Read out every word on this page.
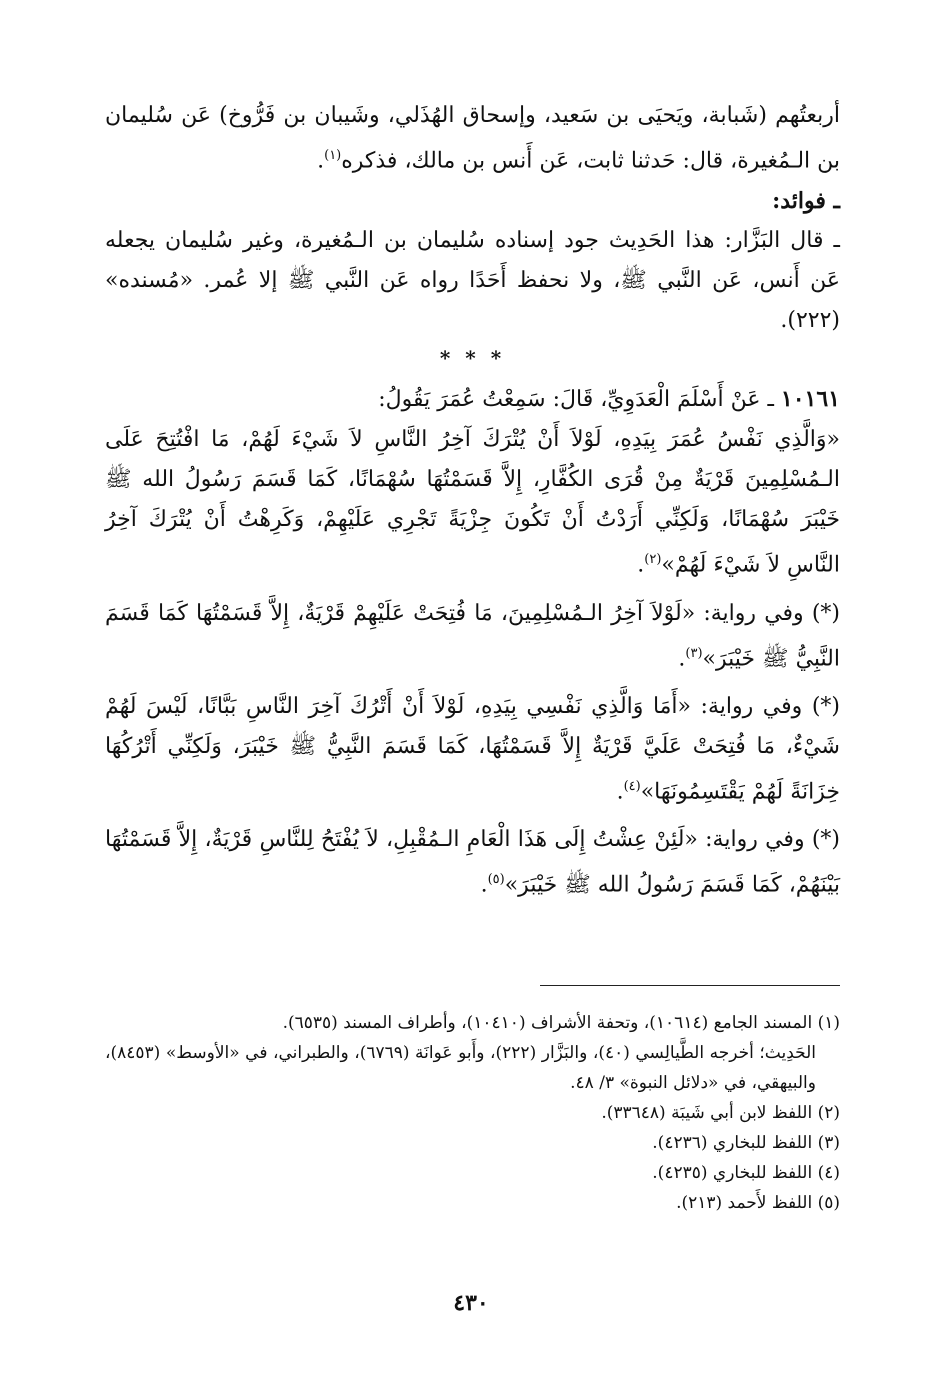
أربعتُهم (شَبابة، ويَحيَى بن سَعيد، وإسحاق الهُذَلي، وشَيبان بن فَرُّوخ) عَن سُليمان بن الـمُغيرة، قال: حَدثنا ثابت، عَن أَنس بن مالك، فذكره$^{(١)}$.

ـ فوائد:

ـ قال البَزَّار: هذا الحَدِيث جود إسناده سُليمان بن الـمُغيرة، وغير سُليمان يجعله عَن أَنس، عَن النَّبي ﷺ، ولا نحفظ أَحَدًا رواه عَن النَّبي ﷺ إلا عُمر. «مُسنده» (٢٢٢).

* * *

١٠١٦١ ـ عَنْ أَسْلَمَ الْعَدَوِيِّ، قَالَ: سَمِعْتُ عُمَرَ يَقُولُ:

«وَالَّذِي نَفْسُ عُمَرَ بِيَدِهِ، لَوْلاَ أَنْ يُتْرَكَ آخِرُ النَّاسِ لاَ شَيْءَ لَهُمْ، مَا افْتُتِحَ عَلَى الـمُسْلِمِينَ قَرْيَةٌ مِنْ قُرَى الكُفَّارِ، إِلاَّ قَسَمْتُهَا سُهْمَانًا، كَمَا قَسَمَ رَسُولُ الله ﷺ خَيْبَرَ سُهْمَانًا، وَلَكِنِّي أَرَدْتُ أَنْ تَكُونَ جِزْيَةً تَجْرِي عَلَيْهِمْ، وَكَرِهْتُ أَنْ يُتْرَكَ آخِرُ النَّاسِ لاَ شَيْءَ لَهُمْ»$^{(٢)}$.

(*) وفي رواية: «لَوْلاَ آخِرُ الـمُسْلِمِينَ، مَا فُتِحَتْ عَلَيْهِمْ قَرْيَةٌ، إِلاَّ قَسَمْتُهَا كَمَا قَسَمَ النَّبِيُّ ﷺ خَيْبَرَ»$^{(٣)}$.

(*) وفي رواية: «أَمَا وَالَّذِي نَفْسِي بِيَدِهِ، لَوْلاَ أَنْ أَتْرُكَ آخِرَ النَّاسِ بَبَّانًا، لَيْسَ لَهُمْ شَيْءٌ، مَا فُتِحَتْ عَلَيَّ قَرْيَةٌ إِلاَّ قَسَمْتُهَا، كَمَا قَسَمَ النَّبِيُّ ﷺ خَيْبَرَ، وَلَكِنِّي أَتْرُكُهَا خِزَانَةً لَهُمْ يَقْتَسِمُونَهَا»$^{(٤)}$.

(*) وفي رواية: «لَئِنْ عِشْتُ إِلَى هَذَا الْعَامِ الـمُقْبِلِ، لاَ يُفْتَحُ لِلنَّاسِ قَرْيَةٌ، إِلاَّ قَسَمْتُهَا بَيْنَهُمْ، كَمَا قَسَمَ رَسُولُ الله ﷺ خَيْبَرَ»$^{(٥)}$.

(١) المسند الجامع (١٠٦١٤)، وتحفة الأشراف (١٠٤١٠)، وأطراف المسند (٦٥٣٥).

الحَدِيث؛ أخرجه الطَّيالِسي (٤٠)، والبَزَّار (٢٢٢)، وأَبو عَوانَة (٦٧٦٩)، والطبراني، في «الأوسط» (٨٤٥٣)، والبيهقي، في «دلائل النبوة» ٣/ ٤٨.

(٢) اللفظ لابن أبي شَيبَة (٣٣٦٤٨).

(٣) اللفظ للبخاري (٤٢٣٦).

(٤) اللفظ للبخاري (٤٢٣٥).

(٥) اللفظ لأَحمد (٢١٣).

٤٣٠
